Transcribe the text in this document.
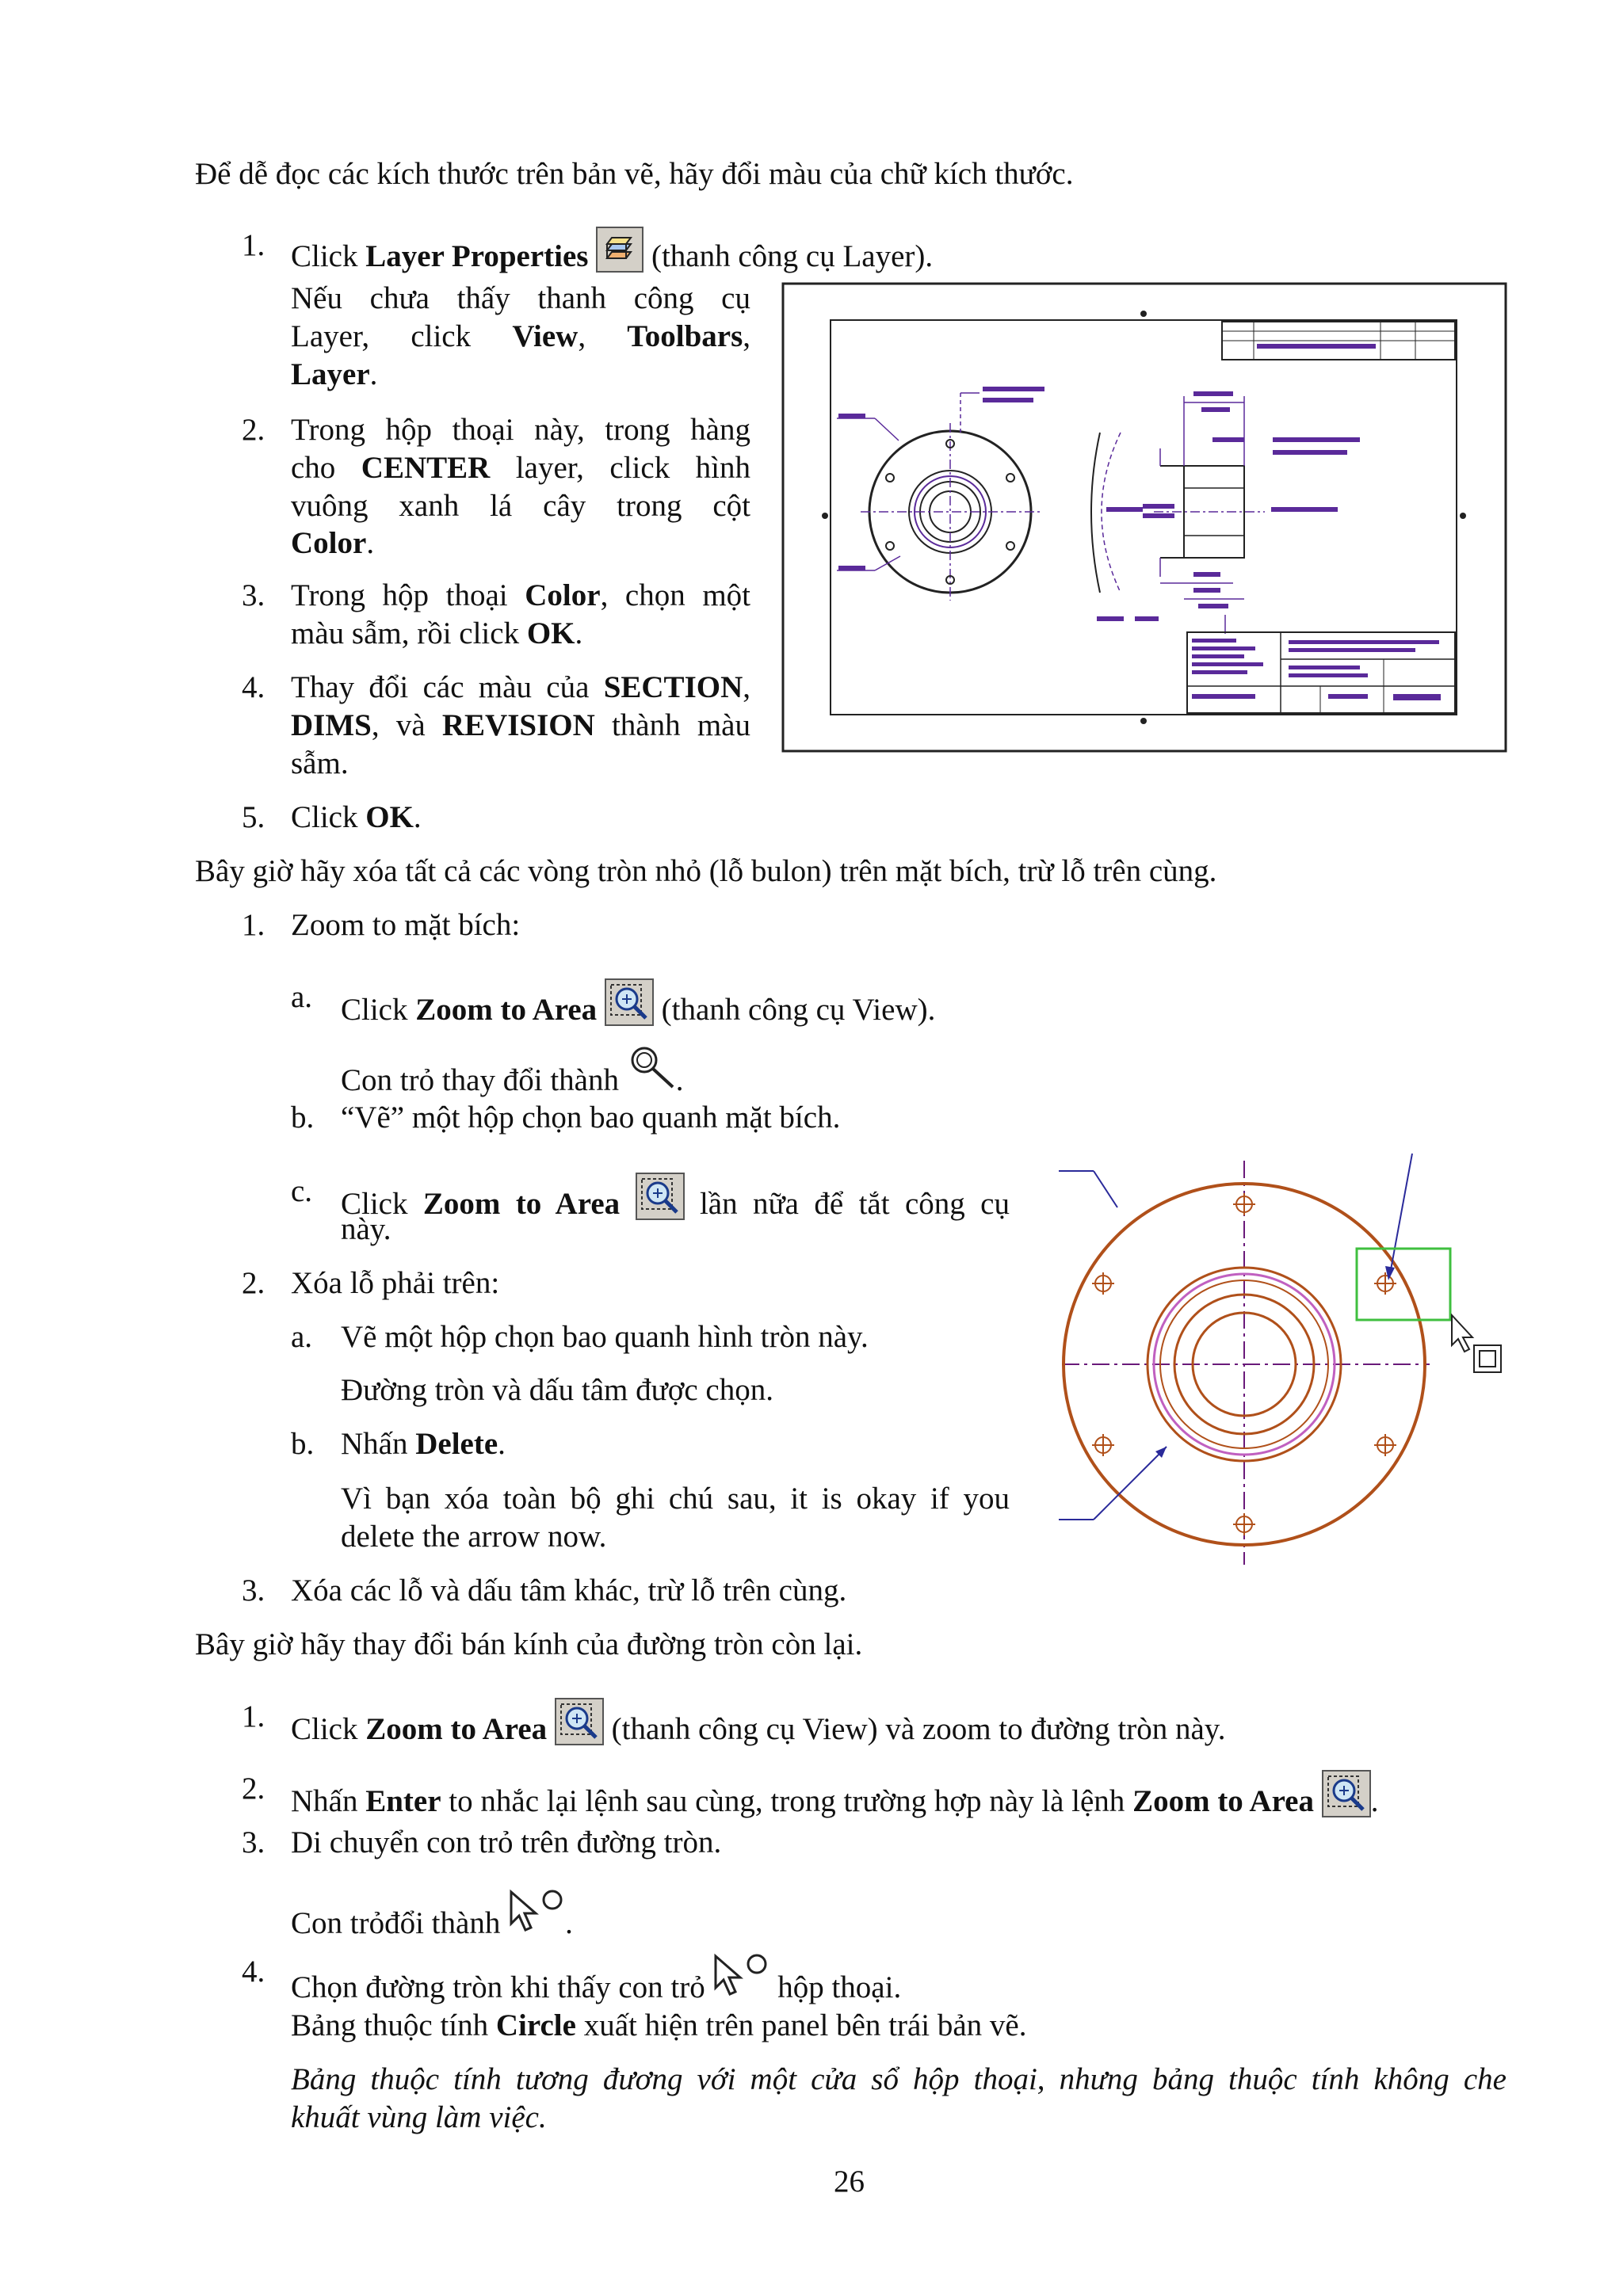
Để dễ đọc các kích thước trên bản vẽ, hãy đổi màu của chữ kích thước.
1. Click Layer Properties  (thanh công cụ Layer).
Nếu chưa thấy thanh công cụ
Layer, click View, Toolbars,
Layer.
2. Trong hộp thoại này, trong hàng
cho CENTER layer, click hình
vuông xanh lá cây trong cột
Color.
3. Trong hộp thoại Color, chọn một
màu sẫm, rồi click OK.
4. Thay đổi các màu của SECTION,
DIMS, và REVISION thành màu
sẫm.
5. Click OK.
Bây giờ hãy xóa tất cả các vòng tròn nhỏ (lỗ bulon) trên mặt bích, trừ lỗ trên cùng.
1. Zoom to mặt bích:
a. Click Zoom to Area  (thanh công cụ View).
Con trỏ thay đổi thành .
b. “Vẽ” một hộp chọn bao quanh mặt bích.
c. Click Zoom to Area  lần nữa để tắt công cụ
này.
2. Xóa lỗ phải trên:
a. Vẽ một hộp chọn bao quanh hình tròn này.
Đường tròn và dấu tâm được chọn.
b. Nhấn Delete.
Vì bạn xóa toàn bộ ghi chú sau, it is okay if you
delete the arrow now.
3. Xóa các lỗ và dấu tâm khác, trừ lỗ trên cùng.
Bây giờ hãy thay đổi bán kính của đường tròn còn lại.
1. Click Zoom to Area  (thanh công cụ View) và zoom to đường tròn này.
2. Nhấn Enter to nhắc lại lệnh sau cùng, trong trường hợp này là lệnh Zoom to Area .
3. Di chuyển con trỏ trên đường tròn.
Con trỏđổi thành .
4. Chọn đường tròn khi thấy con trỏ  hộp thoại.
Bảng thuộc tính Circle xuất hiện trên panel bên trái bản vẽ.
Bảng thuộc tính tương đương với một cửa sổ hộp thoại, nhưng bảng thuộc tính không che
khuất vùng làm việc.
26
